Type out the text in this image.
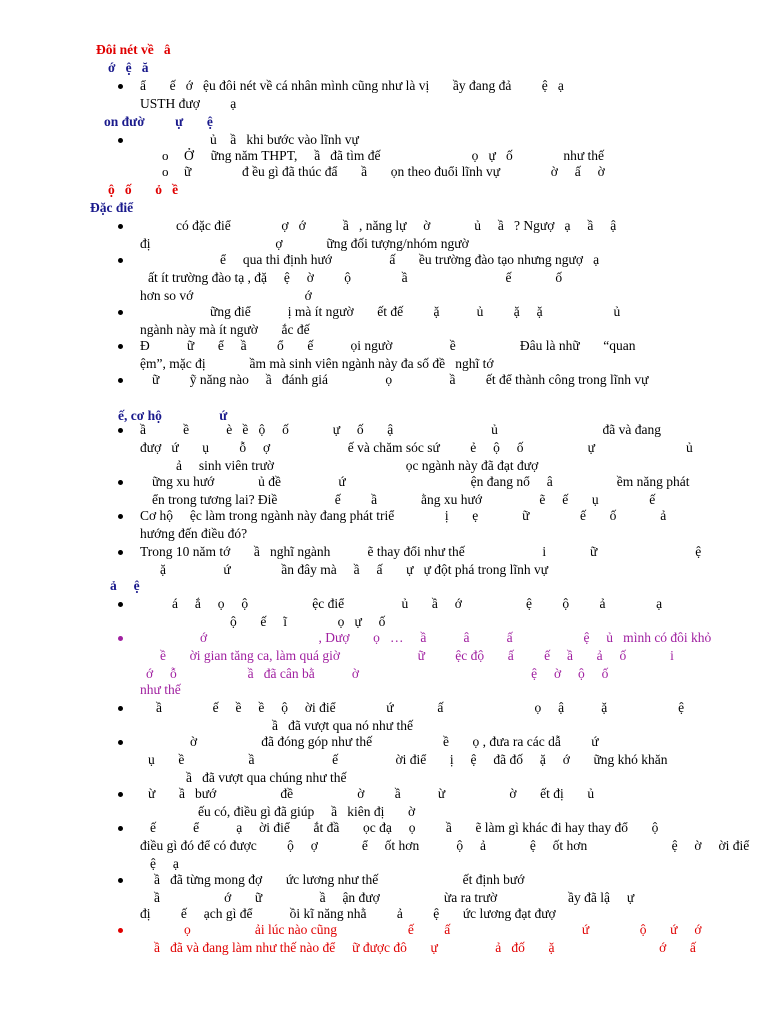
Đôi nét về   â
ớ   ệ   ă
ẩ       ế   ớ   ệu đôi nét về cá nhân mình cũng như là vị       ầy đang đả         ệ   ạ
USTH đượ         ạ
on đườ         ự       ệ
ủ    ầ   khi bước vào lĩnh vự
o Ở     ững năm THPT,     ầ   đã tìm đế                           ọ   ự   ố               như thế
o ữ               đ ều gì đã thúc đẩ       ầ       ọn theo đuổi lĩnh vự               ờ     ấ     ờ
ộ   ố       ỏ   ề
Đặc điể
có đặc điể               ợ   ớ           ầ   , năng lự     ờ             ủ     ầ   ? Ngượ   ạ     ầ     ậ
đị                                     ợ             ững đối tượng/nhóm ngườ
ể     qua thi định hướ                 ấ       ều trường đào tạo nhưng ngượ   ạ
ất ít trường đào tạ , đặ     ệ     ờ         ộ               ầ                             ế             ố
hơn so vớ                                 ớ
ững điể           ị mà ít ngườ       ết đế         ặ           ủ         ặ     ặ                     ủ
ngành này mà ít ngườ       ắc đế
Đ           ữ       ể     ầ         ổ       ế           ọi ngườ                 ề                   Đâu là nhữ       “quan
ệm”, mặc đị             ầm mà sinh viên ngành này đa số đề   nghĩ tớ
ữ         ỹ năng nào     ầ   đánh giá                 ọ                 ầ         ết để thành công trong lĩnh vự
ế, cơ hộ                 ứ
ầ           ề           è   ề   ộ     ố             ự     ố       ậ                             ủ                               đã và đang
đượ   ứ       ụ         ỗ     ợ                       ế và chăm sóc sứ         ẻ     ộ     ố                   ự                           ủ
ả     sinh viên trườ                                       ọc ngành này đã đạt đượ
ững xu hướ             ủ đề                 ứ                                     ện đang nổ     â                   ềm năng phát
ển trong tương lai? Điề                 ế         ầ             ằng xu hướ                 ẽ     ế       ụ               ế
Cơ hộ     ệc làm trong ngành này đang phát triể               ị       ẹ             ữ               ế       ố             ả
hướng đến điều đó?
Trong 10 năm tớ       ầ   nghĩ ngành           ẽ thay đổi như thế                       i             ữ                             ệ
ặ                 ứ               ần đây mà     ầ     ấ       ự   ự đột phá trong lĩnh vự
ả     ệ
á     ắ     ọ     ộ                   ệc điể                 ủ       ầ     ớ                   ệ         ộ         ả               ạ
ộ       ế     ĩ               ọ   ự     ố
ớ                                 , Dượ       ọ   …     ầ           â           ấ                     ệ     ủ   mình có đôi khỏ
ề       ời gian tăng ca, làm quá giờ                       ữ         ệc độ       ấ         ế     ầ       ả     ố             i
ớ     ỗ                     ầ   đã cân bằ           ờ                                                   ệ     ờ     ộ     ố
như thế
ầ               ế     ề     ề     ộ     ời điể               ứ             ấ                           ọ     ậ           ặ                     ệ
ầ   đã vượt qua nó như thế
ờ                   đã đóng góp như thế                     ề       ọ , đưa ra các dẫ         ứ
ụ       ề                   ầ                       ế                 ời điể       ị     ệ     đã đố     ặ     ớ       ững khó khăn
ầ   đã vượt qua chúng như thế
ừ       ầ   bướ                   đề                   ờ         ầ           ừ                   ờ       ết đị       ủ
ếu có, điều gì đã giúp     ầ   kiên đị       ờ
ế           ể           ạ     ời điể       ắt đầ       ọc đạ     ọ         ầ       ẽ làm gì khác đi hay thay đổ       ộ
điều gì đó để có được         ộ     ợ             ể     ốt hơn           ộ     ả             ệ     ốt hơn                         ệ     ờ     ời điể
ệ     ạ
ầ   đã từng mong đợ       ức lương như thế                         ết định bướ
ầ                   ớ       ữ                 ầ     ận đượ                   ừa ra trườ                     ầy đã lậ     ự
đị         ế     ạch gì để           ồi kĩ năng nhằ         ả         ệ       ức lương đạt đượ
ọ                   ải lúc nào cũng                     ế         ấ                                       ứ               ộ       ứ     ớ
ầ   đã và đang làm như thế nào để     ữ được đô       ự                 ả   đố       ặ                               ớ       ấ
